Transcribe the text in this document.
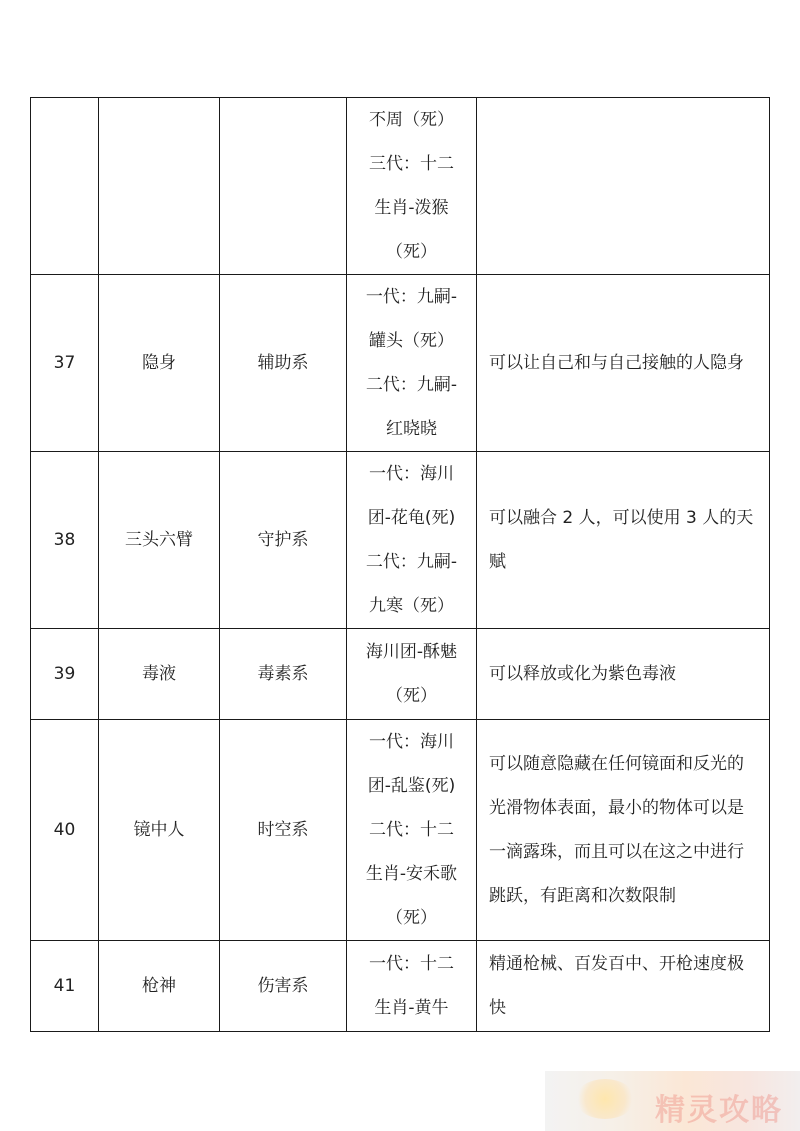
			不周（死）
三代：十二
生肖-泼猴
（死）	

37	隐身	辅助系	一代：九嗣-
罐头（死）
二代：九嗣-
红晓晓	可以让自己和与自己接触的人隐身
38	三头六臂	守护系	一代：海川
团-花龟(死)
二代：九嗣-
九寒（死）	可以融合 2 人，可以使用 3 人的天赋
39	毒液	毒素系	海川团-酥魅
（死）	可以释放或化为紫色毒液
40	镜中人	时空系	一代：海川
团-乱鉴(死)
二代：十二
生肖-安禾歌
（死）	可以随意隐藏在任何镜面和反光的光滑物体表面，最小的物体可以是一滴露珠，而且可以在这之中进行跳跃，有距离和次数限制
41	枪神	伤害系	一代：十二
生肖-黄牛	精通枪械、百发百中、开枪速度极快
精灵攻略
